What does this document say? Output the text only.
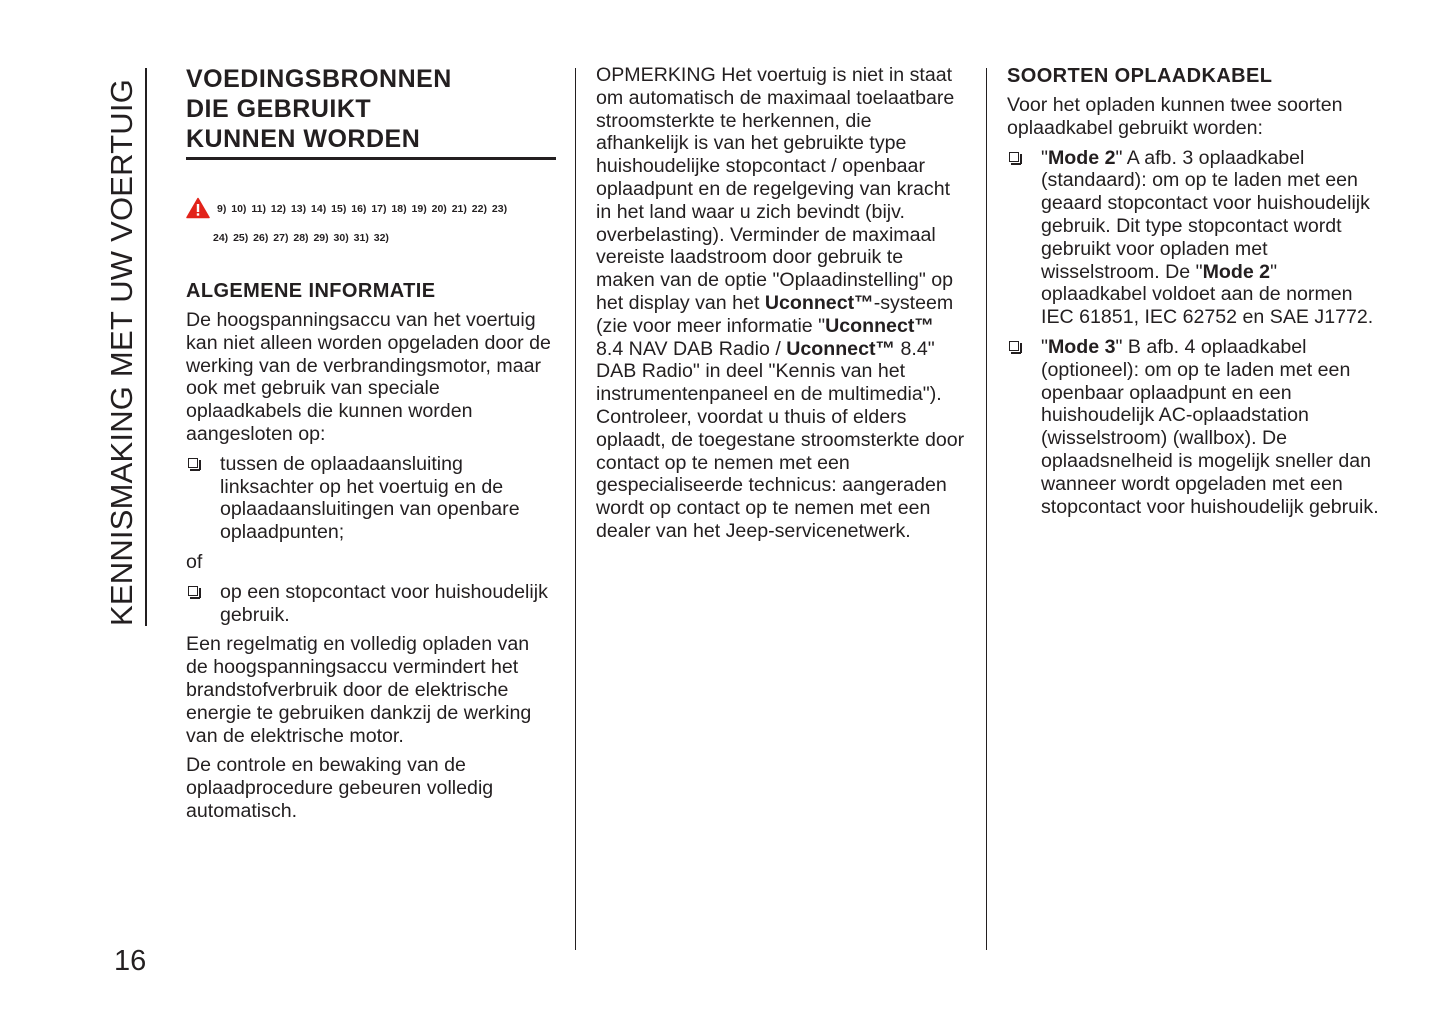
KENNISMAKING MET UW VOERTUIG
16
VOEDINGSBRONNEN
DIE GEBRUIKT
KUNNEN WORDEN
9) 10) 11) 12) 13) 14) 15) 16) 17) 18) 19) 20) 21) 22) 23)
24) 25) 26) 27) 28) 29) 30) 31) 32)
ALGEMENE INFORMATIE

De hoogspanningsaccu van het voertuig kan niet alleen worden opgeladen door de werking van de verbrandingsmotor, maar ook met gebruik van speciale oplaadkabels die kunnen worden aangesloten op:

tussen de oplaadaansluiting linksachter op het voertuig en de oplaadaansluitingen van openbare oplaadpunten;

of

op een stopcontact voor huishoudelijk gebruik.

Een regelmatig en volledig opladen van de hoogspanningsaccu vermindert het brandstofverbruik door de elektrische energie te gebruiken dankzij de werking van de elektrische motor.

De controle en bewaking van de oplaadprocedure gebeuren volledig automatisch.

OPMERKING Het voertuig is niet in staat om automatisch de maximaal toelaatbare stroomsterkte te herkennen, die afhankelijk is van het gebruikte type huishoudelijke stopcontact / openbaar oplaadpunt en de regelgeving van kracht in het land waar u zich bevindt (bijv. overbelasting). Verminder de maximaal vereiste laadstroom door gebruik te maken van de optie "Oplaadinstelling" op het display van het Uconnect™-systeem (zie voor meer informatie "Uconnect™ 8.4 NAV DAB Radio / Uconnect™ 8.4" DAB Radio" in deel "Kennis van het instrumentenpaneel en de multimedia"). Controleer, voordat u thuis of elders oplaadt, de toegestane stroomsterkte door contact op te nemen met een gespecialiseerde technicus: aangeraden wordt op contact op te nemen met een dealer van het Jeep-servicenetwerk.

SOORTEN OPLAADKABEL

Voor het opladen kunnen twee soorten oplaadkabel gebruikt worden:

"Mode 2" A afb. 3 oplaadkabel (standaard): om op te laden met een geaard stopcontact voor huishoudelijk gebruik. Dit type stopcontact wordt gebruikt voor opladen met wisselstroom. De "Mode 2" oplaadkabel voldoet aan de normen IEC 61851, IEC 62752 en SAE J1772.
"Mode 3" B afb. 4 oplaadkabel (optioneel): om op te laden met een openbaar oplaadpunt en een huishoudelijk AC-oplaadstation (wisselstroom) (wallbox). De oplaadsnelheid is mogelijk sneller dan wanneer wordt opgeladen met een stopcontact voor huishoudelijk gebruik.
